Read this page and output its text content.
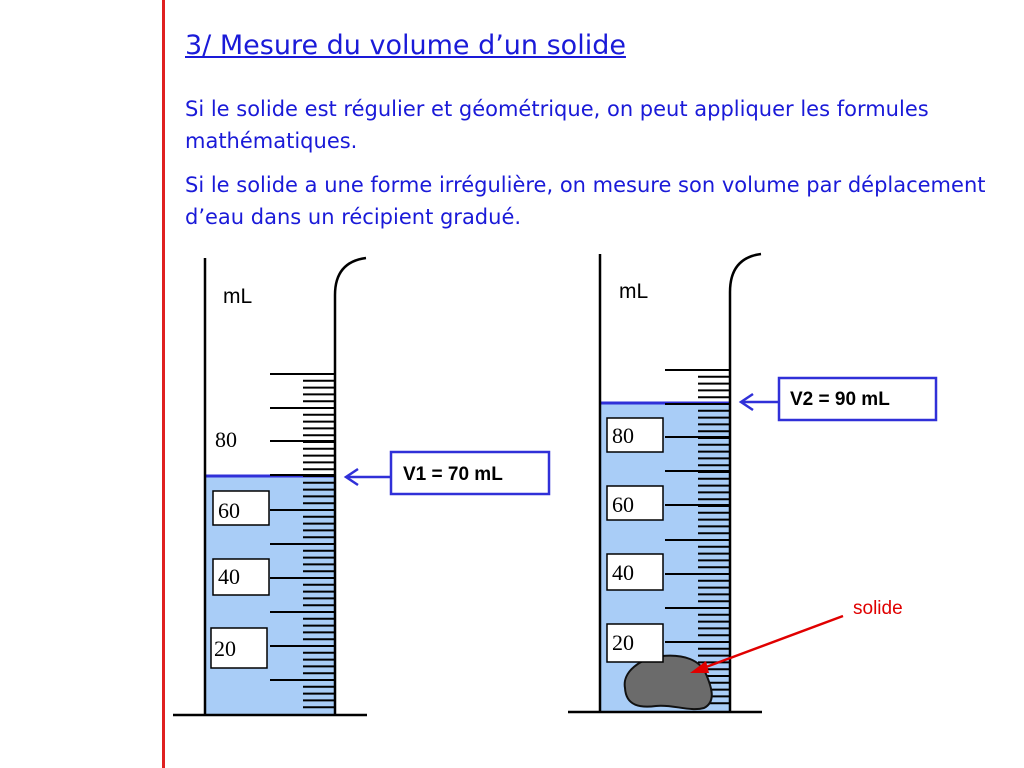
3/ Mesure du volume d’un solide

Si le solide est régulier et géométrique, on peut appliquer les formules mathématiques.

Si le solide a une forme irrégulière, on mesure son volume par déplacement d’eau dans un récipient gradué.

mL
80
60
40
20
V1 = 70 mL
mL
80
60
40
20
V2 = 90 mL
solide
